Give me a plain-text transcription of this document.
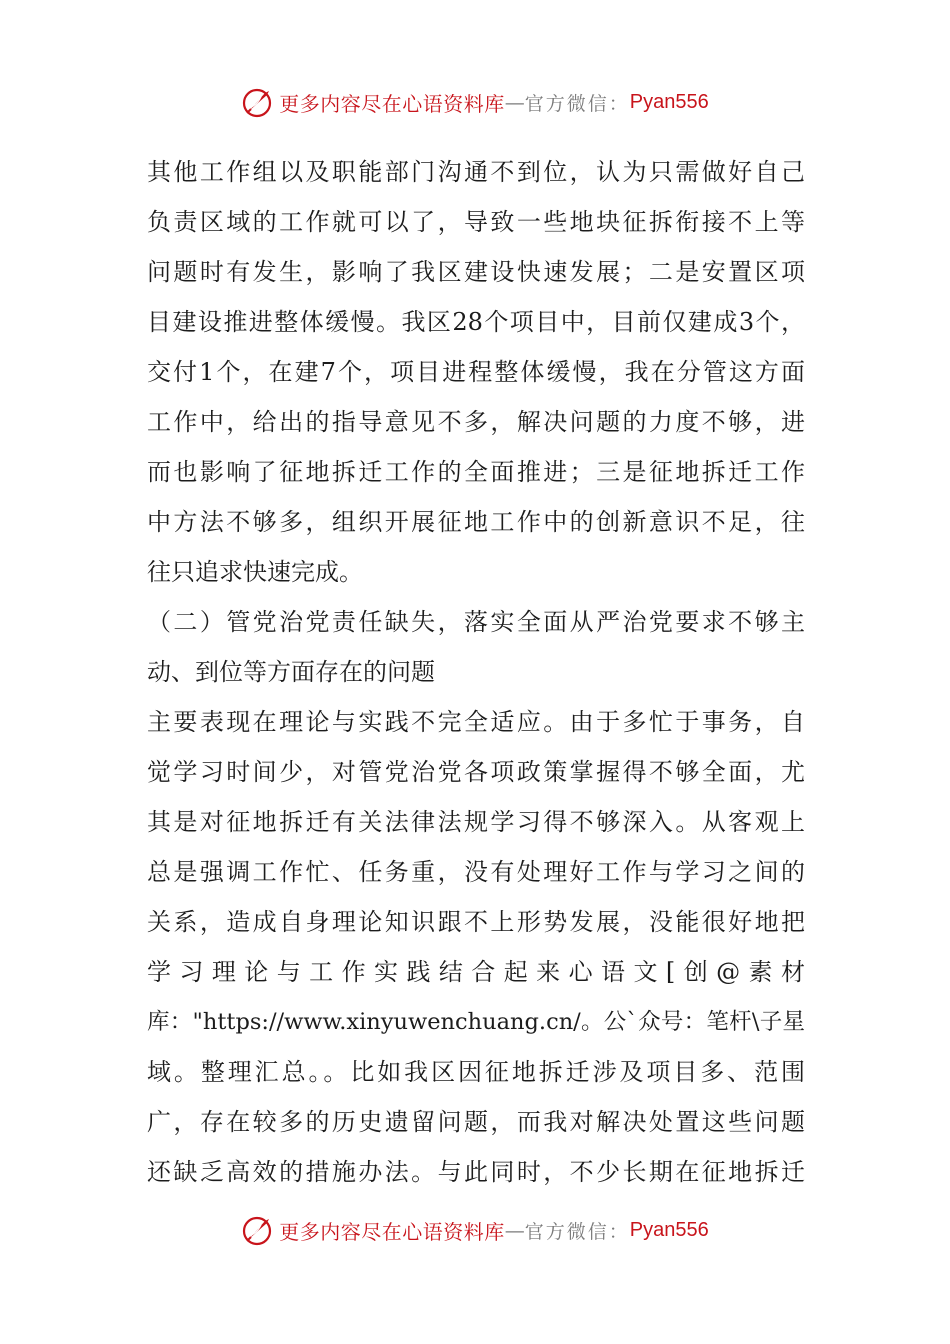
更多内容尽在心语资料库 — 官方微信： Pyan556
其他工作组以及职能部门沟通不到位，认为只需做好自己
负责区域的工作就可以了，导致一些地块征拆衔接不上等
问题时有发生，影响了我区建设快速发展；二是安置区项
目建设推进整体缓慢。我区28个项目中，目前仅建成3个，
交付1个，在建7个，项目进程整体缓慢，我在分管这方面
工作中，给出的指导意见不多，解决问题的力度不够，进
而也影响了征地拆迁工作的全面推进；三是征地拆迁工作
中方法不够多，组织开展征地工作中的创新意识不足，往
往只追求快速完成。
（二）管党治党责任缺失，落实全面从严治党要求不够主
动、到位等方面存在的问题
主要表现在理论与实践不完全适应。由于多忙于事务，自
觉学习时间少，对管党治党各项政策掌握得不够全面，尤
其是对征地拆迁有关法律法规学习得不够深入。从客观上
总是强调工作忙、任务重，没有处理好工作与学习之间的
关系，造成自身理论知识跟不上形势发展，没能很好地把
学习理论与工作实践结合起来心语文[创@素材
库："https://www.xinyuwenchuang.cn/。公`众号：笔杆\子星
域。整理汇总。。比如我区因征地拆迁涉及项目多、范围
广，存在较多的历史遗留问题，而我对解决处置这些问题
还缺乏高效的措施办法。与此同时，不少长期在征地拆迁
更多内容尽在心语资料库 — 官方微信： Pyan556
